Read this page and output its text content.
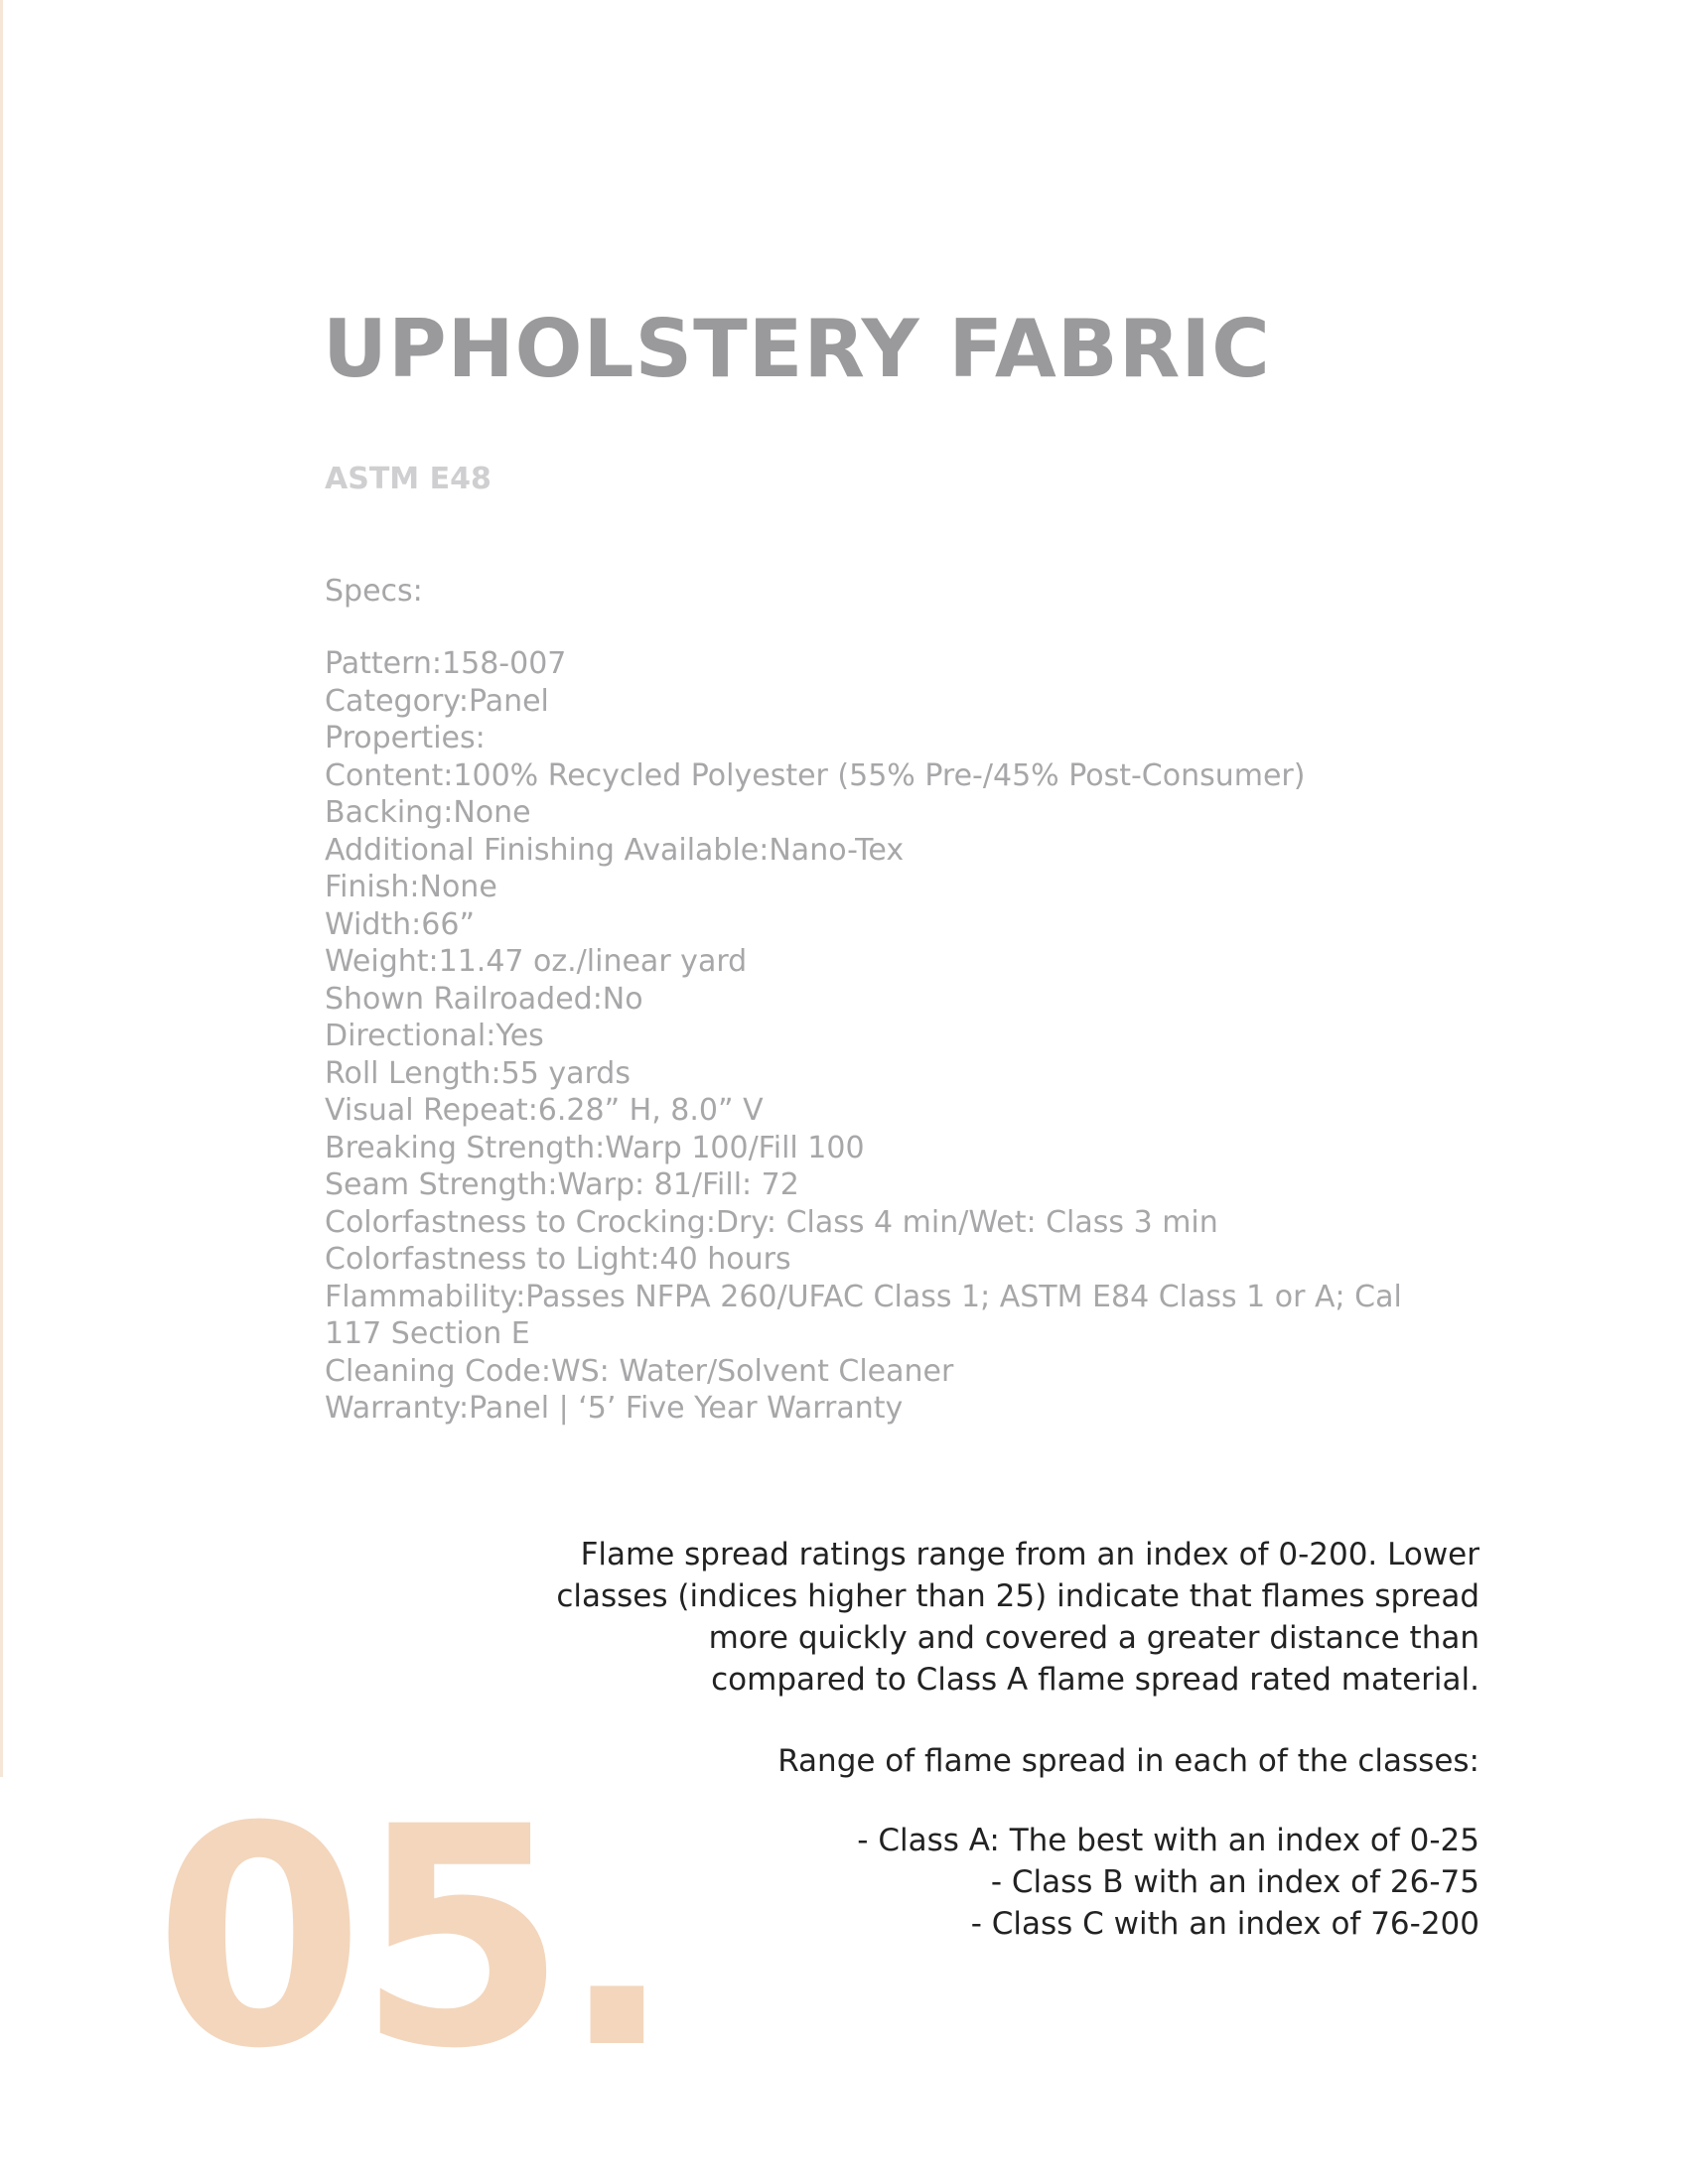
UPHOLSTERY FABRIC
ASTM E48
Specs:
Pattern:158-007
Category:Panel
Properties:
Content:100% Recycled Polyester (55% Pre-/45% Post-Consumer)
Backing:None
Additional Finishing Available:Nano-Tex
Finish:None
Width:66”
Weight:11.47 oz./linear yard
Shown Railroaded:No
Directional:Yes
Roll Length:55 yards
Visual Repeat:6.28” H, 8.0” V
Breaking Strength:Warp 100/Fill 100
Seam Strength:Warp: 81/Fill: 72
Colorfastness to Crocking:Dry: Class 4 min/Wet: Class 3 min
Colorfastness to Light:40 hours
Flammability:Passes NFPA 260/UFAC Class 1; ASTM E84 Class 1 or A; Cal 117 Section E
Cleaning Code:WS: Water/Solvent Cleaner
Warranty:Panel | ‘5’ Five Year Warranty

Flame spread ratings range from an index of 0-200. Lower classes (indices higher than 25) indicate that flames spread more quickly and covered a greater distance than compared to Class A flame spread rated material.

Range of flame spread in each of the classes:

- Class A: The best with an index of 0-25

- Class B with an index of 26-75

- Class C with an index of 76-200

05.
